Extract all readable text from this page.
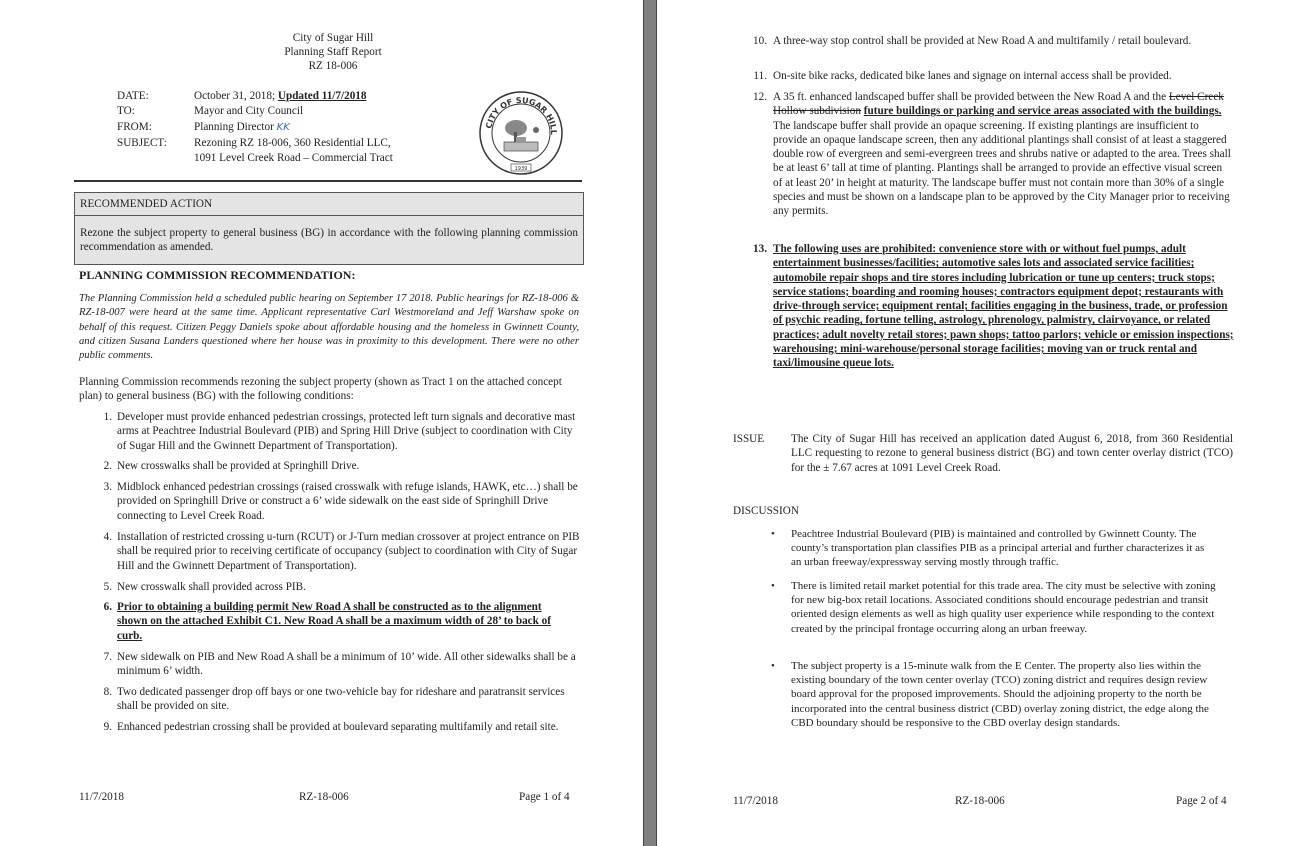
City of Sugar Hill
Planning Staff Report
RZ 18-006
DATE:	October 31, 2018; Updated 11/7/2018
TO:	Mayor and City Council
FROM:	Planning Director KK
SUBJECT: Rezoning RZ 18-006, 360 Residential LLC,
1091 Level Creek Road – Commercial Tract
CITY OF SUGAR HILL
1939
RECOMMENDED ACTION
Rezone the subject property to general business (BG) in accordance with the following planning commission recommendation as amended.
PLANNING COMMISSION RECOMMENDATION:
The Planning Commission held a scheduled public hearing on September 17 2018. Public hearings for RZ-18-006 & RZ-18-007 were heard at the same time. Applicant representative Carl Westmoreland and Jeff Warshaw spoke on behalf of this request. Citizen Peggy Daniels spoke about affordable housing and the homeless in Gwinnett County, and citizen Susana Landers questioned where her house was in proximity to this development. There were no other public comments.
Planning Commission recommends rezoning the subject property (shown as Tract 1 on the attached concept plan) to general business (BG) with the following conditions:
1. Developer must provide enhanced pedestrian crossings, protected left turn signals and decorative mast arms at Peachtree Industrial Boulevard (PIB) and Spring Hill Drive (subject to coordination with City of Sugar Hill and the Gwinnett Department of Transportation).
2. New crosswalks shall be provided at Springhill Drive.
3. Midblock enhanced pedestrian crossings (raised crosswalk with refuge islands, HAWK, etc…) shall be provided on Springhill Drive or construct a 6’ wide sidewalk on the east side of Springhill Drive connecting to Level Creek Road.
4. Installation of restricted crossing u-turn (RCUT) or J-Turn median crossover at project entrance on PIB shall be required prior to receiving certificate of occupancy (subject to coordination with City of Sugar Hill and the Gwinnett Department of Transportation).
5. New crosswalk shall provided across PIB.
6. Prior to obtaining a building permit New Road A shall be constructed as to the alignment shown on the attached Exhibit C1. New Road A shall be a maximum width of 28’ to back of curb.
7. New sidewalk on PIB and New Road A shall be a minimum of 10’ wide. All other sidewalks shall be a minimum 6’ width.
8. Two dedicated passenger drop off bays or one two-vehicle bay for rideshare and paratransit services shall be provided on site.
9. Enhanced pedestrian crossing shall be provided at boulevard separating multifamily and retail site.
11/7/2018	RZ-18-006	Page 1 of 4
10. A three-way stop control shall be provided at New Road A and multifamily / retail boulevard.
11. On-site bike racks, dedicated bike lanes and signage on internal access shall be provided.
12. A 35 ft. enhanced landscaped buffer shall be provided between the New Road A and the Level Creek Hollow subdivision future buildings or parking and service areas associated with the buildings. The landscape buffer shall provide an opaque screening. If existing plantings are insufficient to provide an opaque landscape screen, then any additional plantings shall consist of at least a staggered double row of evergreen and semi-evergreen trees and shrubs native or adapted to the area. Trees shall be at least 6’ tall at time of planting. Plantings shall be arranged to provide an effective visual screen of at least 20’ in height at maturity. The landscape buffer must not contain more than 30% of a single species and must be shown on a landscape plan to be approved by the City Manager prior to receiving any permits.
13. The following uses are prohibited: convenience store with or without fuel pumps, adult entertainment businesses/facilities; automotive sales lots and associated service facilities; automobile repair shops and tire stores including lubrication or tune up centers; truck stops; service stations; boarding and rooming houses; contractors equipment depot; restaurants with drive-through service; equipment rental; facilities engaging in the business, trade, or profession of psychic reading, fortune telling, astrology, phrenology, palmistry, clairvoyance, or related practices; adult novelty retail stores; pawn shops; tattoo parlors; vehicle or emission inspections; warehousing; mini-warehouse/personal storage facilities; moving van or truck rental and taxi/limousine queue lots.
ISSUE The City of Sugar Hill has received an application dated August 6, 2018, from 360 Residential LLC requesting to rezone to general business district (BG) and town center overlay district (TCO) for the ± 7.67 acres at 1091 Level Creek Road.
DISCUSSION
• Peachtree Industrial Boulevard (PIB) is maintained and controlled by Gwinnett County. The county’s transportation plan classifies PIB as a principal arterial and further characterizes it as an urban freeway/expressway serving mostly through traffic.
• There is limited retail market potential for this trade area. The city must be selective with zoning for new big-box retail locations. Associated conditions should encourage pedestrian and transit oriented design elements as well as high quality user experience while responding to the context created by the principal frontage occurring along an urban freeway.
• The subject property is a 15-minute walk from the E Center. The property also lies within the existing boundary of the town center overlay (TCO) zoning district and requires design review board approval for the proposed improvements. Should the adjoining property to the north be incorporated into the central business district (CBD) overlay zoning district, the edge along the CBD boundary should be responsive to the CBD overlay design standards.
11/7/2018	RZ-18-006	Page 2 of 4
